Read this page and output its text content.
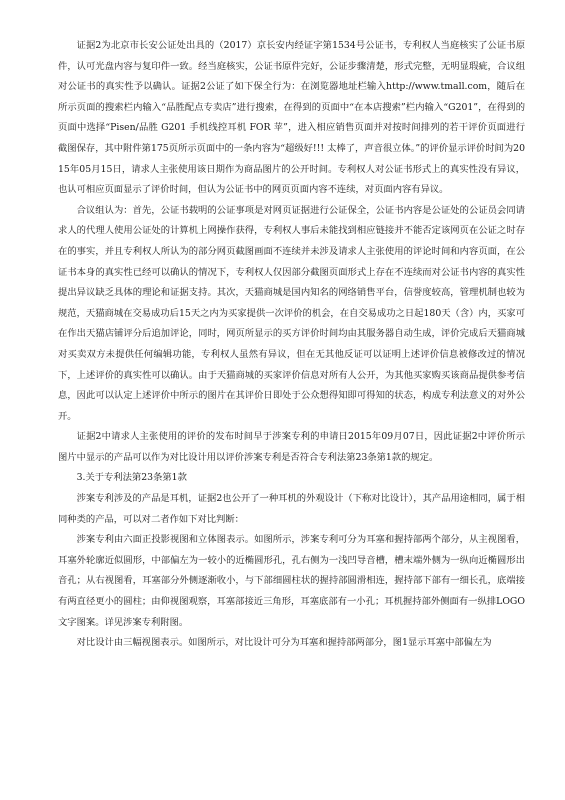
证据2为北京市长安公证处出具的（2017）京长安内经证字第1534号公证书，专利权人当庭核实了公证书原件，认可光盘内容与复印件一致。经当庭核实，公证书原件完好，公证步骤清楚，形式完整，无明显瑕疵，合议组对公证书的真实性予以确认。证据2公证了如下保全行为：在浏览器地址栏输入http://www.tmall.com，随后在所示页面的搜索栏内输入“品胜配点专卖店”进行搜索，在得到的页面中“在本店搜索”栏内输入“G201”，在得到的页面中选择“Pisen/品胜 G201 手机线控耳机 FOR 苹”，进入相应销售页面并对按时间排列的若干评价页面进行截图保存，其中附件第175页所示页面中的一条内容为“超级好!!! 太棒了，声音很立体。”的评价显示评价时间为2015年05月15日，请求人主张使用该日期作为商品图片的公开时间。专利权人对公证书形式上的真实性没有异议，也认可相应页面显示了评价时间，但认为公证书中的网页页面内容不连续，对页面内容有异议。

合议组认为：首先，公证书载明的公证事项是对网页证据进行公证保全，公证书内容是公证处的公证员会同请求人的代理人使用公证处的计算机上网操作获得，专利权人事后未能找到相应链接并不能否定该网页在公证之时存在的事实，并且专利权人所认为的部分网页截图画面不连续并未涉及请求人主张使用的评论时间和内容页面，在公证书本身的真实性已经可以确认的情况下，专利权人仅因部分截图页面形式上存在不连续而对公证书内容的真实性提出异议缺乏具体的理论和证据支持。其次，天猫商城是国内知名的网络销售平台，信誉度较高，管理机制也较为规范，天猫商城在交易成功后15天之内为买家提供一次评价的机会，在自交易成功之日起180天（含）内，买家可在作出天猫店铺评分后追加评论，同时，网页所显示的买方评价时间均由其服务器自动生成，评价完成后天猫商城对买卖双方未提供任何编辑功能，专利权人虽然有异议，但在无其他反证可以证明上述评价信息被修改过的情况下，上述评价的真实性可以确认。由于天猫商城的买家评价信息对所有人公开，为其他买家购买该商品提供参考信息，因此可以认定上述评价中所示的图片在其评价日即处于公众想得知即可得知的状态，构成专利法意义的对外公开。

证据2中请求人主张使用的评价的发布时间早于涉案专利的申请日2015年09月07日，因此证据2中评价所示图片中显示的产品可以作为对比设计用以评价涉案专利是否符合专利法第23条第1款的规定。

3.关于专利法第23条第1款

涉案专利涉及的产品是耳机，证据2也公开了一种耳机的外观设计（下称对比设计），其产品用途相同，属于相同种类的产品，可以对二者作如下对比判断：

涉案专利由六面正投影视图和立体图表示。如图所示，涉案专利可分为耳塞和握持部两个部分，从主视图看，耳塞外轮廓近似圆形，中部偏左为一较小的近椭圆形孔，孔右侧为一浅凹导音槽，槽末端外侧为一纵向近椭圆形出音孔；从右视图看，耳塞部分外侧逐渐收小，与下部细圆柱状的握持部圆滑相连，握持部下部有一细长孔，底端接有两直径更小的圆柱；由仰视图观察，耳塞部接近三角形，耳塞底部有一小孔；耳机握持部外侧面有一纵排LOGO文字图案。详见涉案专利附图。

对比设计由三幅视图表示。如图所示，对比设计可分为耳塞和握持部两部分，图1显示耳塞中部偏左为
